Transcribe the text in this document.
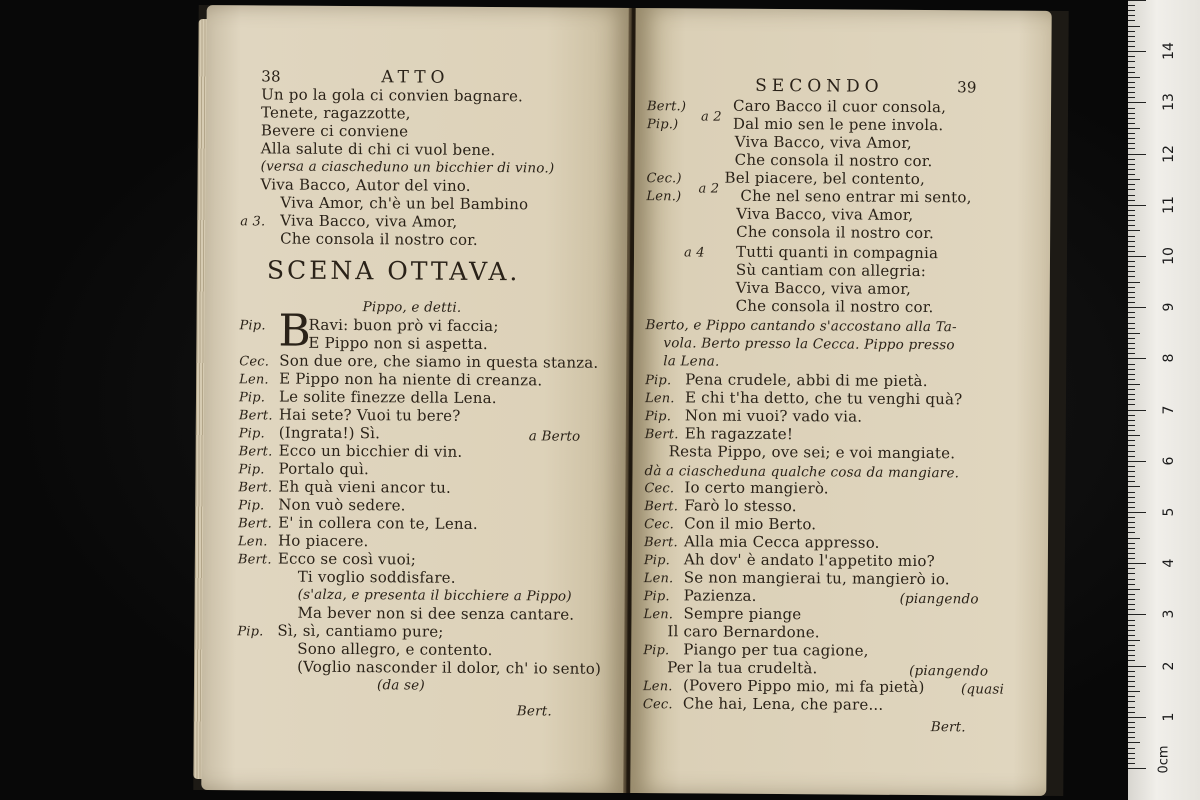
38	ATTO
Un po la gola ci convien bagnare.
Tenete, ragazzotte,
Bevere ci conviene
Alla salute di chi ci vuol bene.
(versa a ciascheduno un bicchier di vino.)
Viva Bacco, Autor del vino.
Viva Amor, ch'è un bel Bambino
a 3. Viva Bacco, viva Amor,
Che consola il nostro cor.
SCENA OTTAVA.
Pippo, e detti.
B
Pip.	Ravi: buon prò vi faccia;
E Pippo non si aspetta.
Cec. Son due ore, che siamo in questa stanza.
Len. E Pippo non ha niente di creanza.
Pip. Le solite finezze della Lena.
Bert. Hai sete? Vuoi tu bere?
Pip. (Ingrata!) Sì.	a Berto
Bert. Ecco un bicchier di vin.
Pip. Portalo quì.
Bert. Eh quà vieni ancor tu.
Pip. Non vuò sedere.
Bert. E' in collera con te, Lena.
Len. Ho piacere.
Bert. Ecco se così vuoi;
Ti voglio soddisfare.
(s'alza, e presenta il bicchiere a Pippo)
Ma bever non si dee senza cantare.
Pip. Sì, sì, cantiamo pure;
Sono allegro, e contento.
(Voglio nasconder il dolor, ch' io sento)
(da se)
Bert.
SECONDO	39
Bert.)
Pip.)
a 2
Caro Bacco il cuor consola,
Dal mio sen le pene invola.
Viva Bacco, viva Amor,
Che consola il nostro cor.
Cec.)
Len.)
a 2
Bel piacere, bel contento,
Che nel seno entrar mi sento,
Viva Bacco, viva Amor,
Che consola il nostro cor.
a 4 Tutti quanti in compagnia
Sù cantiam con allegria:
Viva Bacco, viva amor,
Che consola il nostro cor.
Berto, e Pippo cantando s'accostano alla Ta-
vola. Berto presso la Cecca. Pippo presso
la Lena.
Pip. Pena crudele, abbi di me pietà.
Len. E chi t'ha detto, che tu venghi quà?
Pip. Non mi vuoi? vado via.
Bert. Eh ragazzate!
Resta Pippo, ove sei; e voi mangiate.
dà a ciascheduna qualche cosa da mangiare.
Cec. Io certo mangierò.
Bert. Farò lo stesso.
Cec. Con il mio Berto.
Bert. Alla mia Cecca appresso.
Pip. Ah dov' è andato l'appetito mio?
Len. Se non mangierai tu, mangierò io.
Pip. Pazienza.	(piangendo
Len. Sempre piange
Il caro Bernardone.
Pip. Piango per tua cagione,
Per la tua crudeltà.	(piangendo
Len. (Povero Pippo mio, mi fa pietà)	(quasi
Cec. Che hai, Lena, che pare...
Bert.
1
2
3
4
5
6
7
8
9
10
11
12
13
14
0cm
